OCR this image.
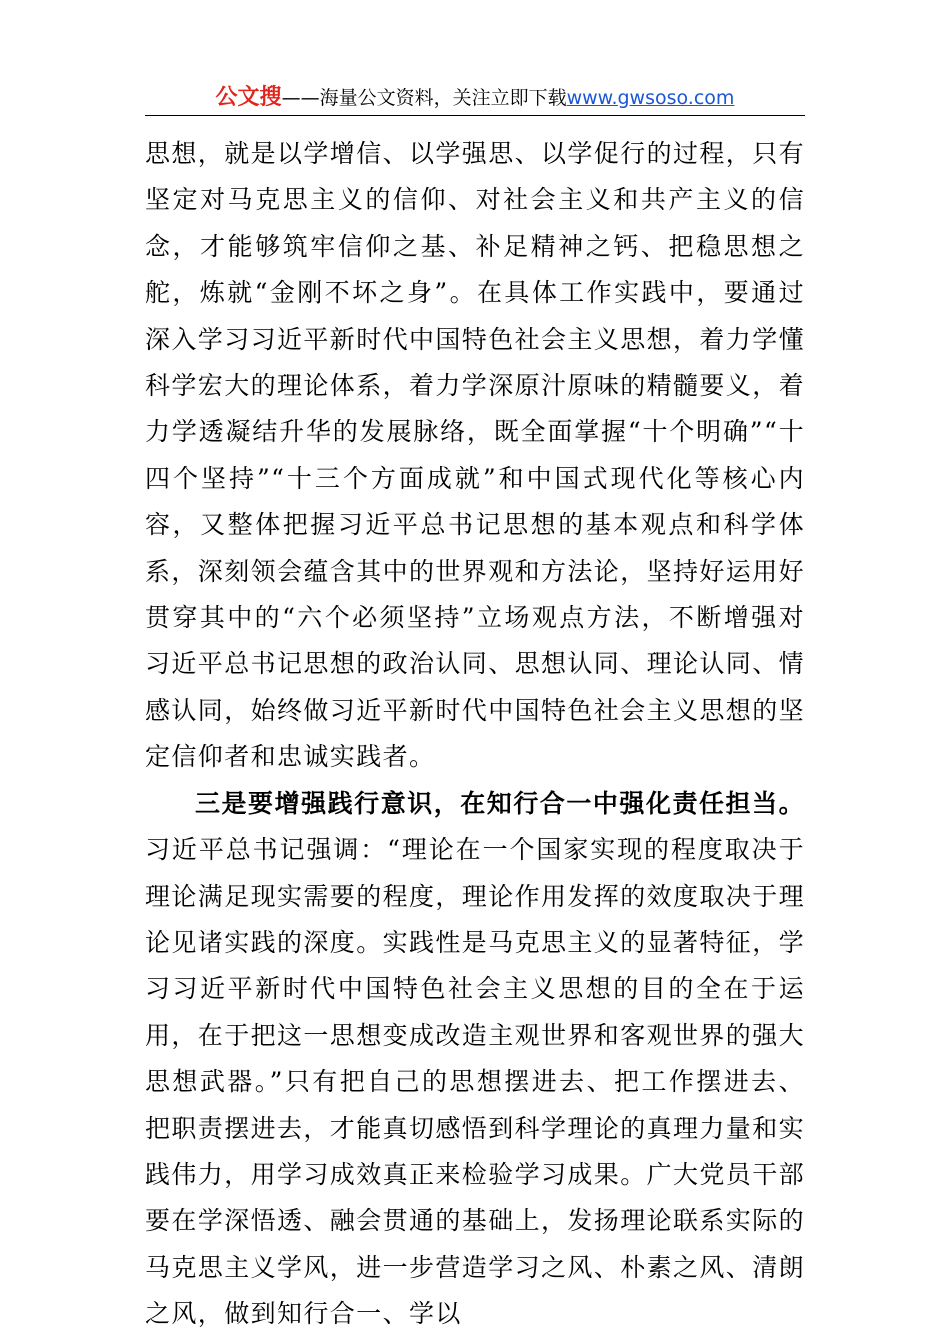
公文搜——海量公文资料，关注立即下载www.gwsoso.com

思想，就是以学增信、以学强思、以学促行的过程，只有坚定对马克思主义的信仰、对社会主义和共产主义的信念，才能够筑牢信仰之基、补足精神之钙、把稳思想之舵，炼就“金刚不坏之身”。在具体工作实践中，要通过深入学习习近平新时代中国特色社会主义思想，着力学懂科学宏大的理论体系，着力学深原汁原味的精髓要义，着力学透凝结升华的发展脉络，既全面掌握“十个明确”“十四个坚持”“十三个方面成就”和中国式现代化等核心内容，又整体把握习近平总书记思想的基本观点和科学体系，深刻领会蕴含其中的世界观和方法论，坚持好运用好贯穿其中的“六个必须坚持”立场观点方法，不断增强对习近平总书记思想的政治认同、思想认同、理论认同、情感认同，始终做习近平新时代中国特色社会主义思想的坚定信仰者和忠诚实践者。

三是要增强践行意识，在知行合一中强化责任担当。习近平总书记强调：“理论在一个国家实现的程度取决于理论满足现实需要的程度，理论作用发挥的效度取决于理论见诸实践的深度。实践性是马克思主义的显著特征，学习习近平新时代中国特色社会主义思想的目的全在于运用，在于把这一思想变成改造主观世界和客观世界的强大思想武器。”只有把自己的思想摆进去、把工作摆进去、把职责摆进去，才能真切感悟到科学理论的真理力量和实践伟力，用学习成效真正来检验学习成果。广大党员干部要在学深悟透、融会贯通的基础上，发扬理论联系实际的马克思主义学风，进一步营造学习之风、朴素之风、清朗之风，做到知行合一、学以
